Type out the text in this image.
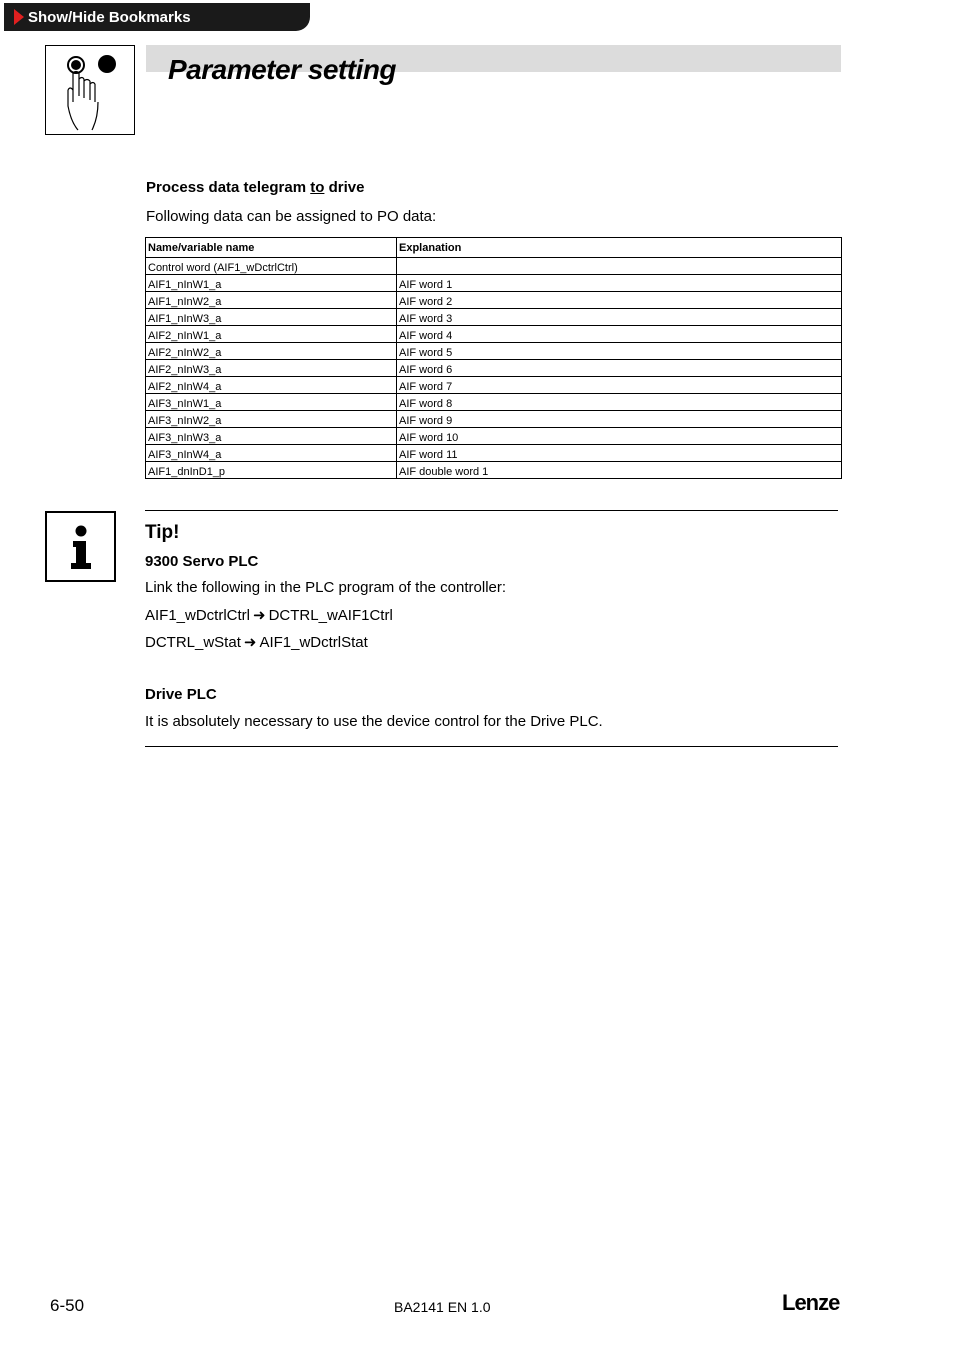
Show/Hide Bookmarks
Parameter setting
Process data telegram to drive
Following data can be assigned to PO data:
Name/variable name	Explanation
Control word (AIF1_wDctrlCtrl)	
AIF1_nInW1_a	AIF word 1
AIF1_nInW2_a	AIF word 2
AIF1_nInW3_a	AIF word 3
AIF2_nInW1_a	AIF word 4
AIF2_nInW2_a	AIF word 5
AIF2_nInW3_a	AIF word 6
AIF2_nInW4_a	AIF word 7
AIF3_nInW1_a	AIF word 8
AIF3_nInW2_a	AIF word 9
AIF3_nInW3_a	AIF word 10
AIF3_nInW4_a	AIF word 11
AIF1_dnInD1_p	AIF double word 1
Tip!
9300 Servo PLC
Link the following in the PLC program of the controller:
AIF1_wDctrlCtrl ➜ DCTRL_wAIF1Ctrl
DCTRL_wStat ➜ AIF1_wDctrlStat
Drive PLC
It is absolutely necessary to use the device control for the Drive PLC.
6-50	BA2141 EN 1.0	Lenze
